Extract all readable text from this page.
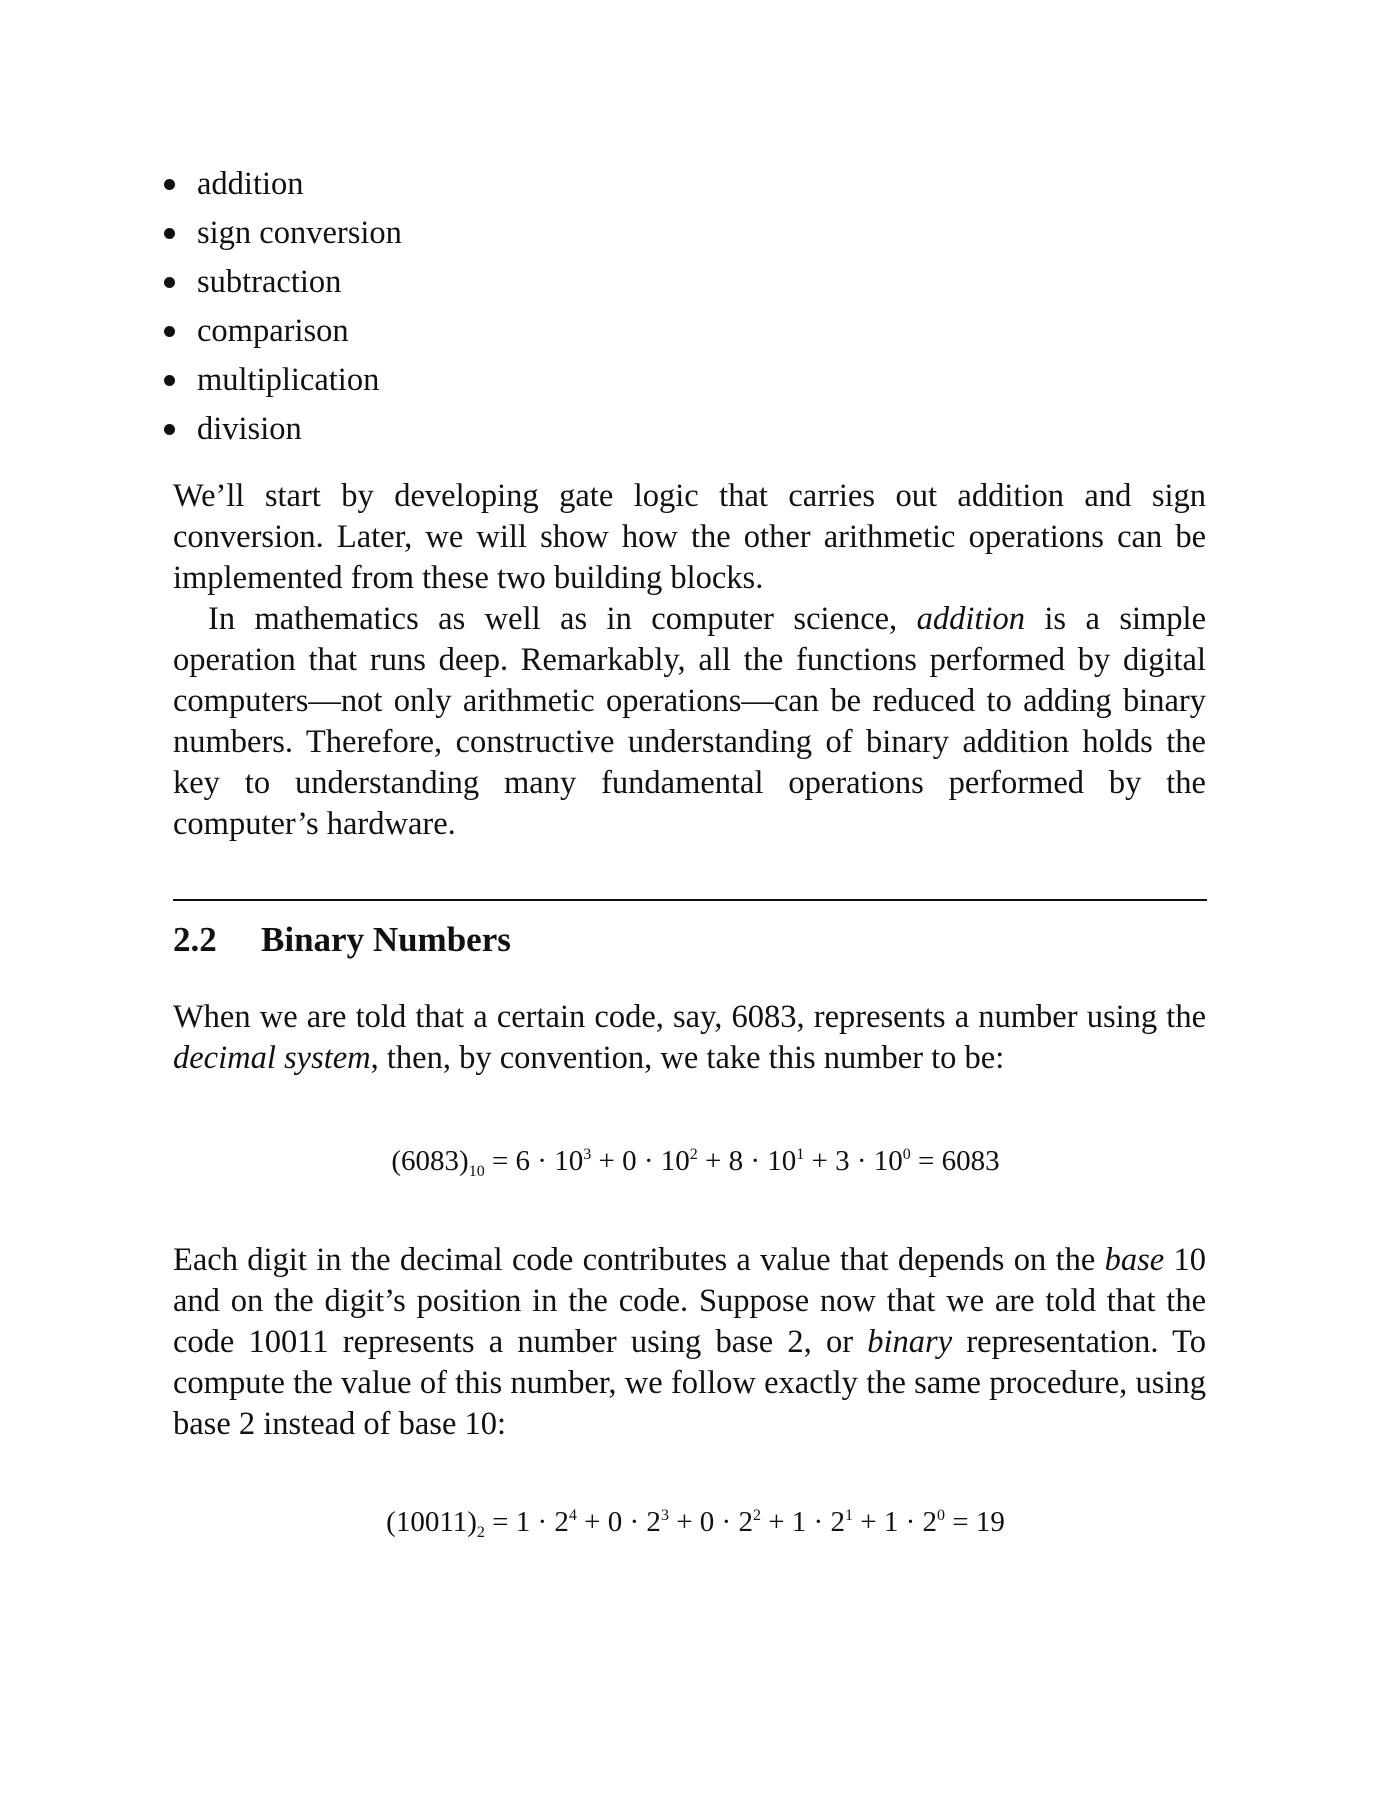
addition
sign conversion
subtraction
comparison
multiplication
division

We’ll start by developing gate logic that carries out addition and sign conversion. Later, we will show how the other arithmetic operations can be implemented from these two building blocks.

In mathematics as well as in computer science, addition is a simple operation that runs deep. Remarkably, all the functions performed by digital computers—not only arithmetic operations—can be reduced to adding binary numbers. Therefore, constructive understanding of binary addition holds the key to understanding many fundamental operations performed by the computer’s hardware.

2.2 Binary Numbers

When we are told that a certain code, say, 6083, represents a number using the decimal system, then, by convention, we take this number to be:

$(6083)_{10} = 6 \cdot 10^3 + 0 \cdot 10^2 + 8 \cdot 10^1 + 3 \cdot 10^0 = 6083$

Each digit in the decimal code contributes a value that depends on the base 10 and on the digit’s position in the code. Suppose now that we are told that the code 10011 represents a number using base 2, or binary representation. To compute the value of this number, we follow exactly the same procedure, using base 2 instead of base 10:

$(10011)_2 = 1 \cdot 2^4 + 0 \cdot 2^3 + 0 \cdot 2^2 + 1 \cdot 2^1 + 1 \cdot 2^0 = 19$
